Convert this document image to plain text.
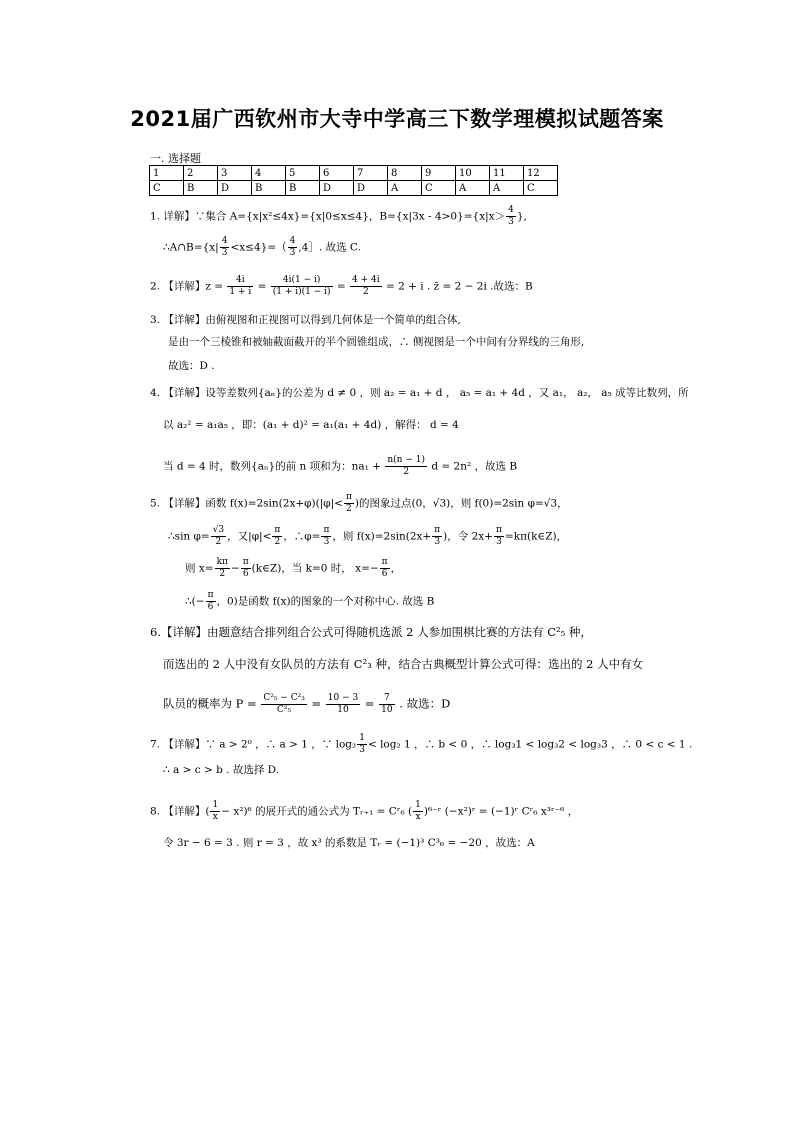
2021届广西钦州市大寺中学高三下数学理模拟试题答案
一. 选择题
1	2	3	4	5	6	7	8	9	10	11	12
C	B	D	B	B	D	D	A	C	A	A	C
1. 详解】∵集合 A={x|x²≤4x}={x|0≤x≤4}，$B=\{x|3x - 4>0\}=\{x|x> \frac{4}{3}$ },
∴A∩B={x| $\frac{4}{3} <x\le 4\}=( \frac{4}{3}$ ,4］. 故选 C.
2. 【详解】$z = \frac{4i}{1 + i} = \frac{4i(1 - i)}{(1 + i)(1 - i)} = \frac{4 + 4i}{2} = 2 + i$ . z̄ = 2 − 2i .故选：B
3. 【详解】由俯视图和正视图可以得到几何体是一个简单的组合体,
是由一个三棱锥和被轴截面截开的半个圆锥组成，∴ 侧视图是一个中间有分界线的三角形,
故选：D .
4. 【详解】设等差数列{aₙ}的公差为 d ≠ 0 ，则 a₂ = a₁ + d ， a₅ = a₁ + 4d ，又 a₁， a₂， a₅ 成等比数列，所
以 a₂² = a₁a₅ ，即：(a₁ + d)² = a₁(a₁ + 4d) ，解得： d = 4
当 d = 4 时，数列{aₙ}的前 n 项和为：$na_1 + \frac{n(n - 1)}{2}$ d = 2n² ，故选 B
5. 【详解】函数 $f(x)=2\sin(2x+\varphi)(|\varphi|< \frac{\pi}{2}$ )的图象过点(0，√3)，则 f(0)=2sin φ=√3，
∴sin $\varphi= \frac{√3}{2}$ ，又$|\varphi|< \frac{\pi}{2}$ ，∴φ= $\frac{\pi}{3}$ ，则 $f(x)=2\sin(2x+ \frac{\pi}{3}$ )，令 $2x+ \frac{\pi}{3}$ =kπ(k∈Z)，
则 $x= \frac{k\pi}{2} - \frac{\pi}{6}$ (k∈Z)，当 k=0 时， $x=- \frac{\pi}{6}$ ，
∴(− $\frac{\pi}{6}$ ，0)是函数 f(x)的图象的一个对称中心. 故选 B
6.【详解】由题意结合排列组合公式可得随机选派 2 人参加围棋比赛的方法有 C²₅ 种，
而选出的 2 人中没有女队员的方法有 C²₃ 种，结合古典概型计算公式可得：选出的 2 人中有女
队员的概率为 $P = \frac{\text{C²₅ − C²₃}}{\text{C²₅}} = \frac{10 - 3}{10} = \frac{7}{10}$ . 故选：D
7. 【详解】∵ a > 2⁰ ，∴ a > 1 ，∵ $\log_2 \frac{1}{3} < \log_2$ 1 ，∴ b < 0 ，∴ log₃1 < log₃2 < log₃3 ，∴ 0 < c < 1 .
∴ a > c > b . 故选择 D.
8. 【详解】( $\frac{1}{x} - x^2)^6$ 的展开式的通公式为 Tᵣ₊₁ = Cʳ₆ ( $\frac{1}{x}$ )⁶⁻ʳ (−x²)ʳ = (−1)ʳ Cʳ₆ x³ʳ⁻⁶ ，
令 3r − 6 = 3 . 则 r = 3 ，故 x³ 的系数是 Tᵣ = (−1)³ C³₆ = −20 ，故选：A
